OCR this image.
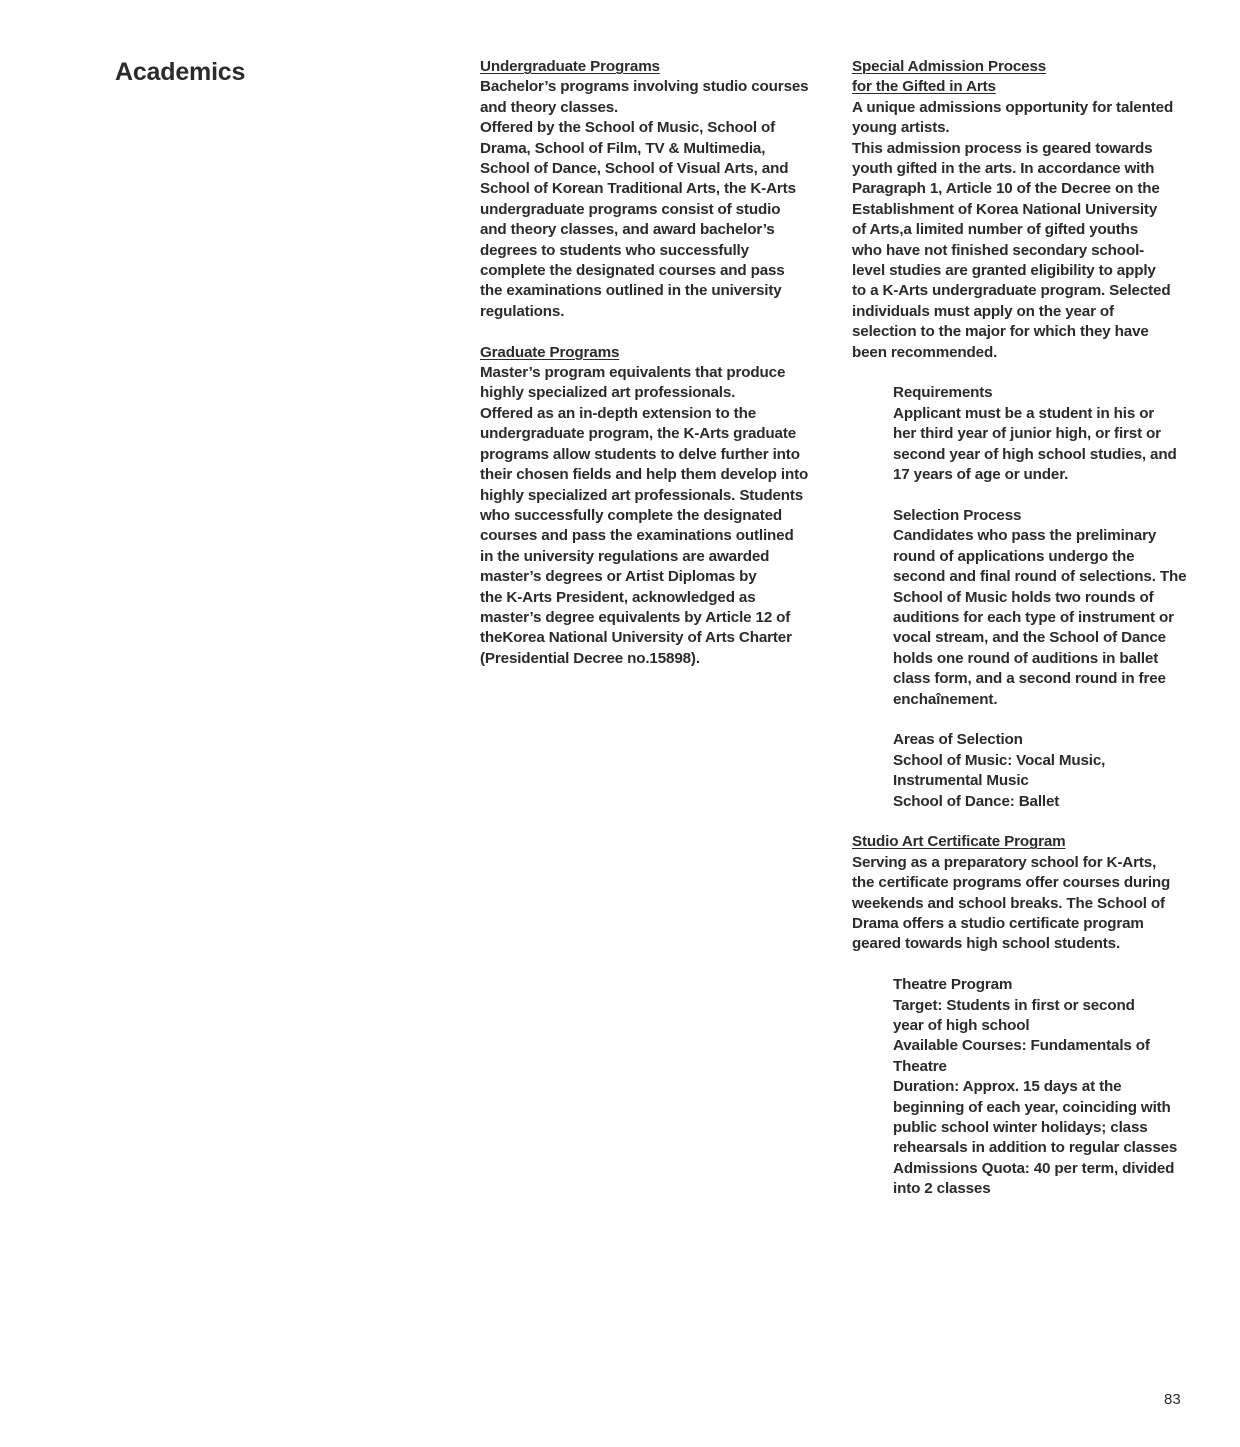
Academics	Undergraduate Programs
Bachelor’s programs involving studio courses
and theory classes.
Offered by the School of Music, School of
Drama, School of Film, TV & Multimedia,
School of Dance, School of Visual Arts, and
School of Korean Traditional Arts, the K-Arts
undergraduate programs consist of studio
and theory classes, and award bachelor’s
degrees to students who successfully
complete the designated courses and pass
the examinations outlined in the university
regulations.
Graduate Programs
Master’s program equivalents that produce
highly specialized art professionals.
Offered as an in-depth extension to the
undergraduate program, the K-Arts graduate
programs allow students to delve further into
their chosen fields and help them develop into
highly specialized art professionals. Students
who successfully complete the designated
courses and pass the examinations outlined
in the university regulations are awarded
master’s degrees or Artist Diplomas by
the K-Arts President, acknowledged as
master’s degree equivalents by Article 12 of
theKorea National University of Arts Charter
(Presidential Decree no.15898).
Special Admission Process
for the Gifted in Arts
A unique admissions opportunity for talented
young artists.
This admission process is geared towards
youth gifted in the arts. In accordance with
Paragraph 1, Article 10 of the Decree on the
Establishment of Korea National University
of Arts,a limited number of gifted youths
who have not finished secondary school-
level studies are granted eligibility to apply
to a K-Arts undergraduate program. Selected
individuals must apply on the year of
selection to the major for which they have
been recommended.
Requirements
Applicant must be a student in his or
her third year of junior high, or first or
second year of high school studies, and
17 years of age or under.
Selection Process
Candidates who pass the preliminary
round of applications undergo the
second and final round of selections. The
School of Music holds two rounds of
auditions for each type of instrument or
vocal stream, and the School of Dance
holds one round of auditions in ballet
class form, and a second round in free
enchaînement.
Areas of Selection
School of Music: Vocal Music,
Instrumental Music
School of Dance: Ballet
Studio Art Certificate Program
Serving as a preparatory school for K-Arts,
the certificate programs offer courses during
weekends and school breaks. The School of
Drama offers a studio certificate program
geared towards high school students.
Theatre Program
Target: Students in first or second
year of high school
Available Courses: Fundamentals of
Theatre
Duration: Approx. 15 days at the
beginning of each year, coinciding with
public school winter holidays; class
rehearsals in addition to regular classes
Admissions Quota: 40 per term, divided
into 2 classes
83
